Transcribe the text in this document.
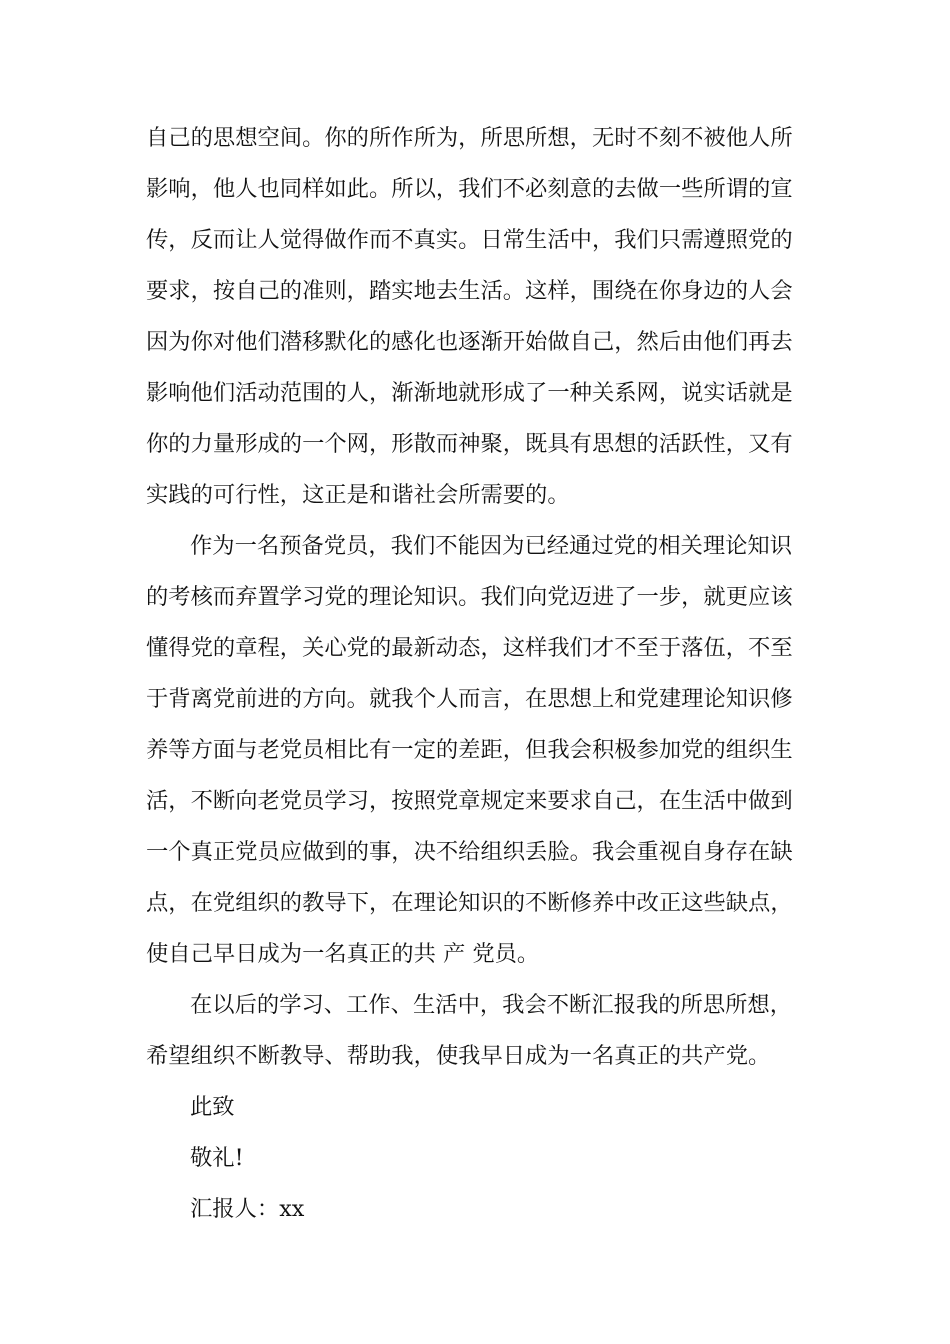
自己的思想空间。你的所作所为，所思所想，无时不刻不被他人所
影响，他人也同样如此。所以，我们不必刻意的去做一些所谓的宣
传，反而让人觉得做作而不真实。日常生活中，我们只需遵照党的
要求，按自己的准则，踏实地去生活。这样，围绕在你身边的人会
因为你对他们潜移默化的感化也逐渐开始做自己，然后由他们再去
影响他们活动范围的人，渐渐地就形成了一种关系网，说实话就是
你的力量形成的一个网，形散而神聚，既具有思想的活跃性，又有
实践的可行性，这正是和谐社会所需要的。
作为一名预备党员，我们不能因为已经通过党的相关理论知识
的考核而弃置学习党的理论知识。我们向党迈进了一步，就更应该
懂得党的章程，关心党的最新动态，这样我们才不至于落伍，不至
于背离党前进的方向。就我个人而言，在思想上和党建理论知识修
养等方面与老党员相比有一定的差距，但我会积极参加党的组织生
活，不断向老党员学习，按照党章规定来要求自己，在生活中做到
一个真正党员应做到的事，决不给组织丢脸。我会重视自身存在缺
点，在党组织的教导下，在理论知识的不断修养中改正这些缺点，
使自己早日成为一名真正的共 产 党员。
在以后的学习、工作、生活中，我会不断汇报我的所思所想，
希望组织不断教导、帮助我，使我早日成为一名真正的共产党。
此致
敬礼!
汇报人：xx
